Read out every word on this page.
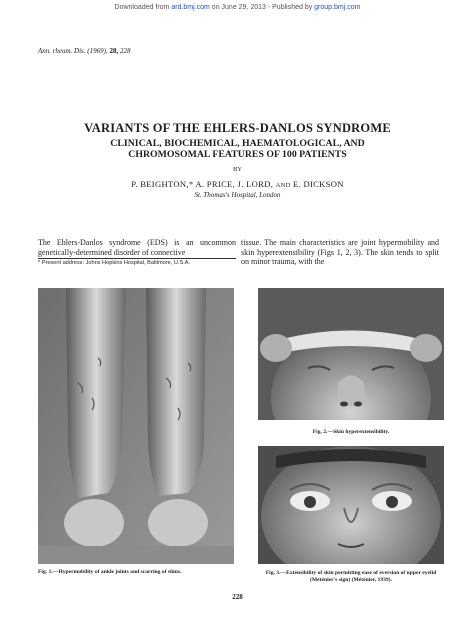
Downloaded from ard.bmj.com on June 29, 2013 - Published by group.bmj.com
Ann. rheum. Dis. (1969), 28, 228
VARIANTS OF THE EHLERS-DANLOS SYNDROME
CLINICAL, BIOCHEMICAL, HAEMATOLOGICAL, AND
CHROMOSOMAL FEATURES OF 100 PATIENTS
BY
P. BEIGHTON,* A. PRICE, J. LORD, AND E. DICKSON
St. Thomas's Hospital, London
The Ehlers-Danlos syndrome (EDS) is an uncommon genetically-determined disorder of connective
tissue. The main characteristics are joint hypermobility and skin hyperextensibility (Figs 1, 2, 3). The skin tends to split on minor trauma, with the
* Present address: Johns Hopkins Hospital, Baltimore, U.S.A.
Fig. 1.—Hypermobility of ankle joints and scarring of shins.
Fig. 2.—Skin hyperextensibility.
Fig. 3.—Extensibility of skin permitting ease of eversion of upper eyelid (Méténier's sign) (Méténier, 1939).
228
